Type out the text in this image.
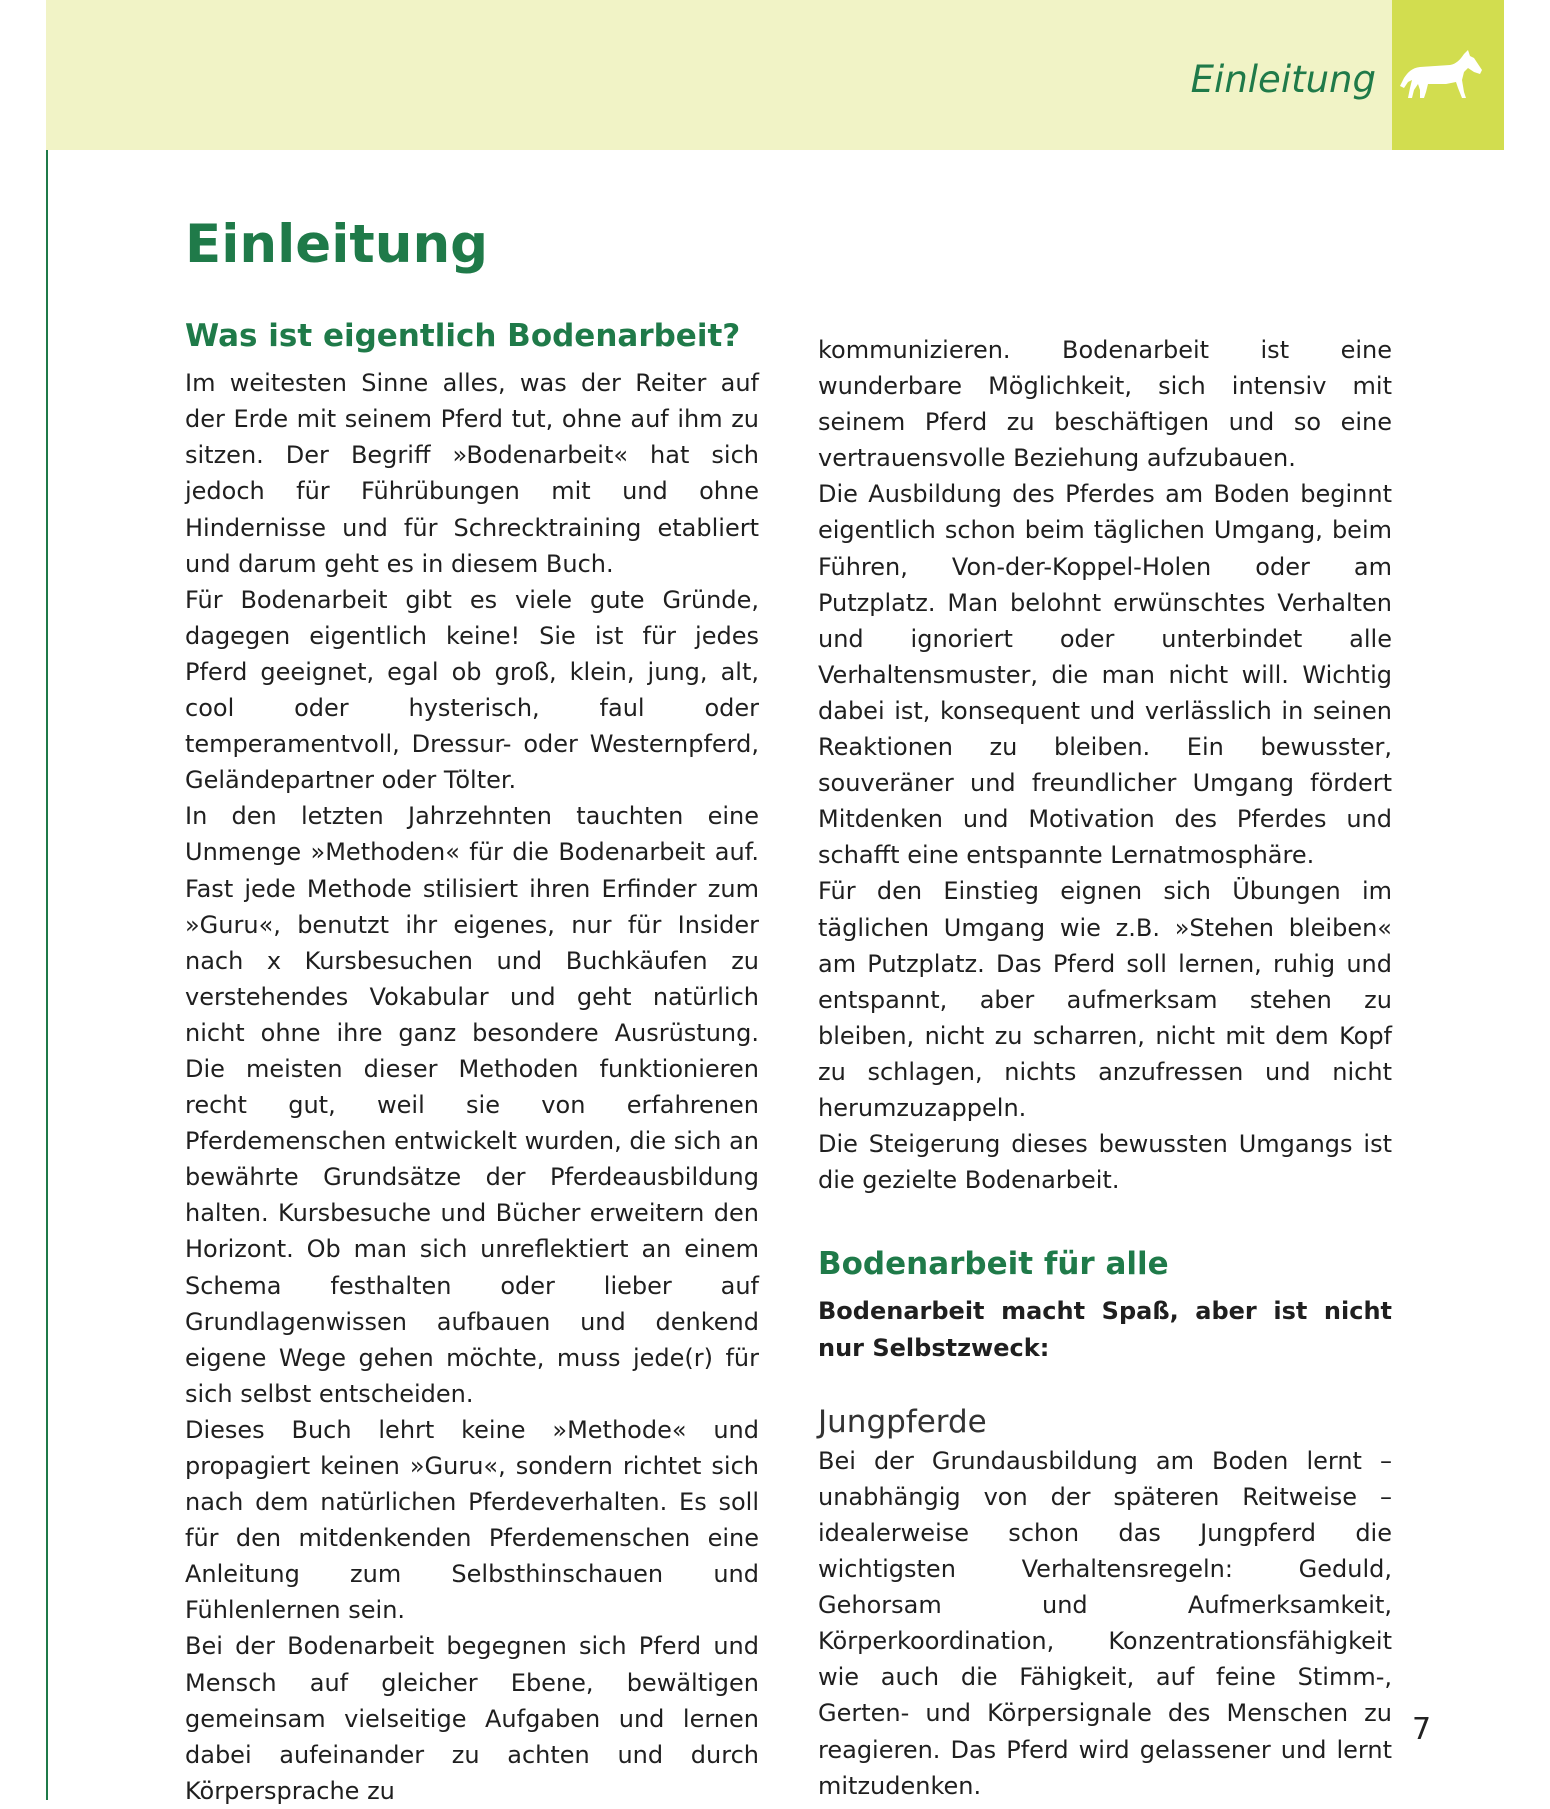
Einleitung
Einleitung
Was ist eigentlich Bodenarbeit?

Im weitesten Sinne alles, was der Reiter auf der Erde mit seinem Pferd tut, ohne auf ihm zu sitzen. Der Begriff »Bodenarbeit« hat sich jedoch für Führübungen mit und ohne Hindernisse und für Schrecktraining etabliert und darum geht es in diesem Buch.

Für Bodenarbeit gibt es viele gute Gründe, dagegen eigentlich keine! Sie ist für jedes Pferd geeignet, egal ob groß, klein, jung, alt, cool oder hysterisch, faul oder temperamentvoll, Dressur- oder Westernpferd, Geländepartner oder Tölter.

In den letzten Jahrzehnten tauchten eine Unmenge »Methoden« für die Bodenarbeit auf. Fast jede Methode stilisiert ihren Erfinder zum »Guru«, benutzt ihr eigenes, nur für Insider nach x Kursbesuchen und Buchkäufen zu verstehendes Vokabular und geht natürlich nicht ohne ihre ganz besondere Ausrüstung. Die meisten dieser Methoden funktionieren recht gut, weil sie von erfahrenen Pferdemenschen entwickelt wurden, die sich an bewährte Grundsätze der Pferdeausbildung halten. Kursbesuche und Bücher erweitern den Horizont. Ob man sich unreflektiert an einem Schema festhalten oder lieber auf Grundlagenwissen aufbauen und denkend eigene Wege gehen möchte, muss jede(r) für sich selbst entscheiden.

Dieses Buch lehrt keine »Methode« und propagiert keinen »Guru«, sondern richtet sich nach dem natürlichen Pferdeverhalten. Es soll für den mitdenkenden Pferdemenschen eine Anleitung zum Selbsthinschauen und Fühlenlernen sein.

Bei der Bodenarbeit begegnen sich Pferd und Mensch auf gleicher Ebene, bewältigen gemeinsam vielseitige Aufgaben und lernen dabei aufeinander zu achten und durch Körpersprache zu

kommunizieren. Bodenarbeit ist eine wunderbare Möglichkeit, sich intensiv mit seinem Pferd zu beschäftigen und so eine vertrauensvolle Beziehung aufzubauen.

Die Ausbildung des Pferdes am Boden beginnt eigentlich schon beim täglichen Umgang, beim Führen, Von-der-Koppel-Holen oder am Putzplatz. Man belohnt erwünschtes Verhalten und ignoriert oder unterbindet alle Verhaltensmuster, die man nicht will. Wichtig dabei ist, konsequent und verlässlich in seinen Reaktionen zu bleiben. Ein bewusster, souveräner und freundlicher Umgang fördert Mitdenken und Motivation des Pferdes und schafft eine entspannte Lernatmosphäre.

Für den Einstieg eignen sich Übungen im täglichen Umgang wie z.B. »Stehen bleiben« am Putzplatz. Das Pferd soll lernen, ruhig und entspannt, aber aufmerksam stehen zu bleiben, nicht zu scharren, nicht mit dem Kopf zu schlagen, nichts anzufressen und nicht herumzuzappeln.

Die Steigerung dieses bewussten Umgangs ist die gezielte Bodenarbeit.

Bodenarbeit für alle

Bodenarbeit macht Spaß, aber ist nicht nur Selbstzweck:

Jungpferde

Bei der Grundausbildung am Boden lernt – unabhängig von der späteren Reitweise – idealerweise schon das Jungpferd die wichtigsten Verhaltensregeln: Geduld, Gehorsam und Aufmerksamkeit, Körperkoordination, Konzentrationsfähigkeit wie auch die Fähigkeit, auf feine Stimm-, Gerten- und Körpersignale des Menschen zu reagieren. Das Pferd wird gelassener und lernt mitzudenken.

7
